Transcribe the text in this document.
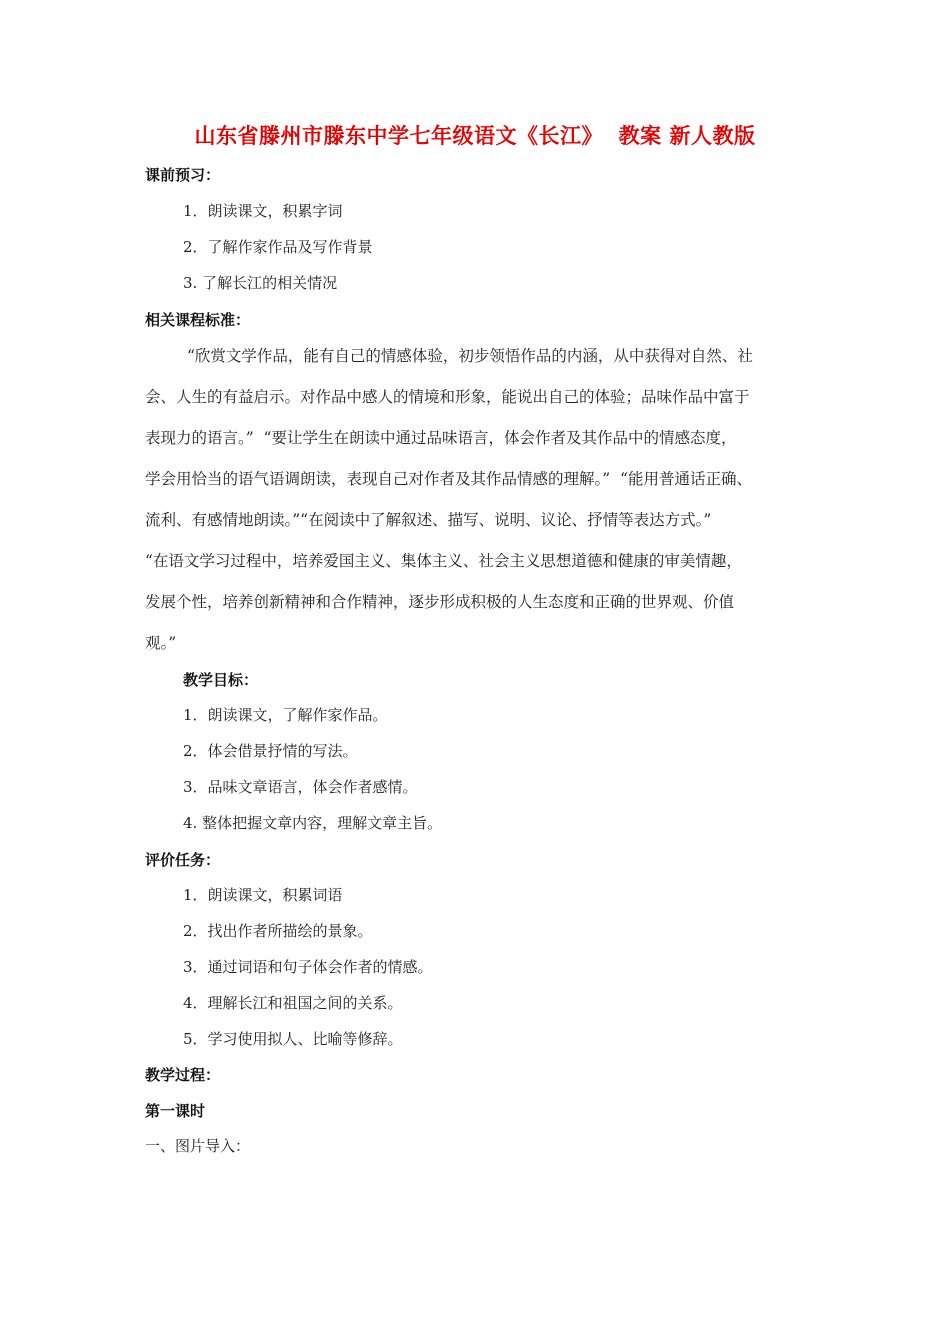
山东省滕州市滕东中学七年级语文《长江》  教案 新人教版
课前预习：
1．朗读课文，积累字词
2．了解作家作品及写作背景
3. 了解长江的相关情况
相关课程标准：
“欣赏文学作品，能有自己的情感体验，初步领悟作品的内涵，从中获得对自然、社
会、人生的有益启示。对作品中感人的情境和形象，能说出自己的体验；品味作品中富于
表现力的语言。”  “要让学生在朗读中通过品味语言，体会作者及其作品中的情感态度，
学会用恰当的语气语调朗读，表现自己对作者及其作品情感的理解。”  “能用普通话正确、
流利、有感情地朗读。”“在阅读中了解叙述、描写、说明、议论、抒情等表达方式。”
“在语文学习过程中，培养爱国主义、集体主义、社会主义思想道德和健康的审美情趣，
发展个性，培养创新精神和合作精神，逐步形成积极的人生态度和正确的世界观、价值
观。”
教学目标：
1．朗读课文，了解作家作品。
2．体会借景抒情的写法。
3．品味文章语言，体会作者感情。
4. 整体把握文章内容，理解文章主旨。
评价任务：
1．朗读课文，积累词语
2．找出作者所描绘的景象。
3．通过词语和句子体会作者的情感。
4．理解长江和祖国之间的关系。
5．学习使用拟人、比喻等修辞。
教学过程：
第一课时
一、图片导入：
